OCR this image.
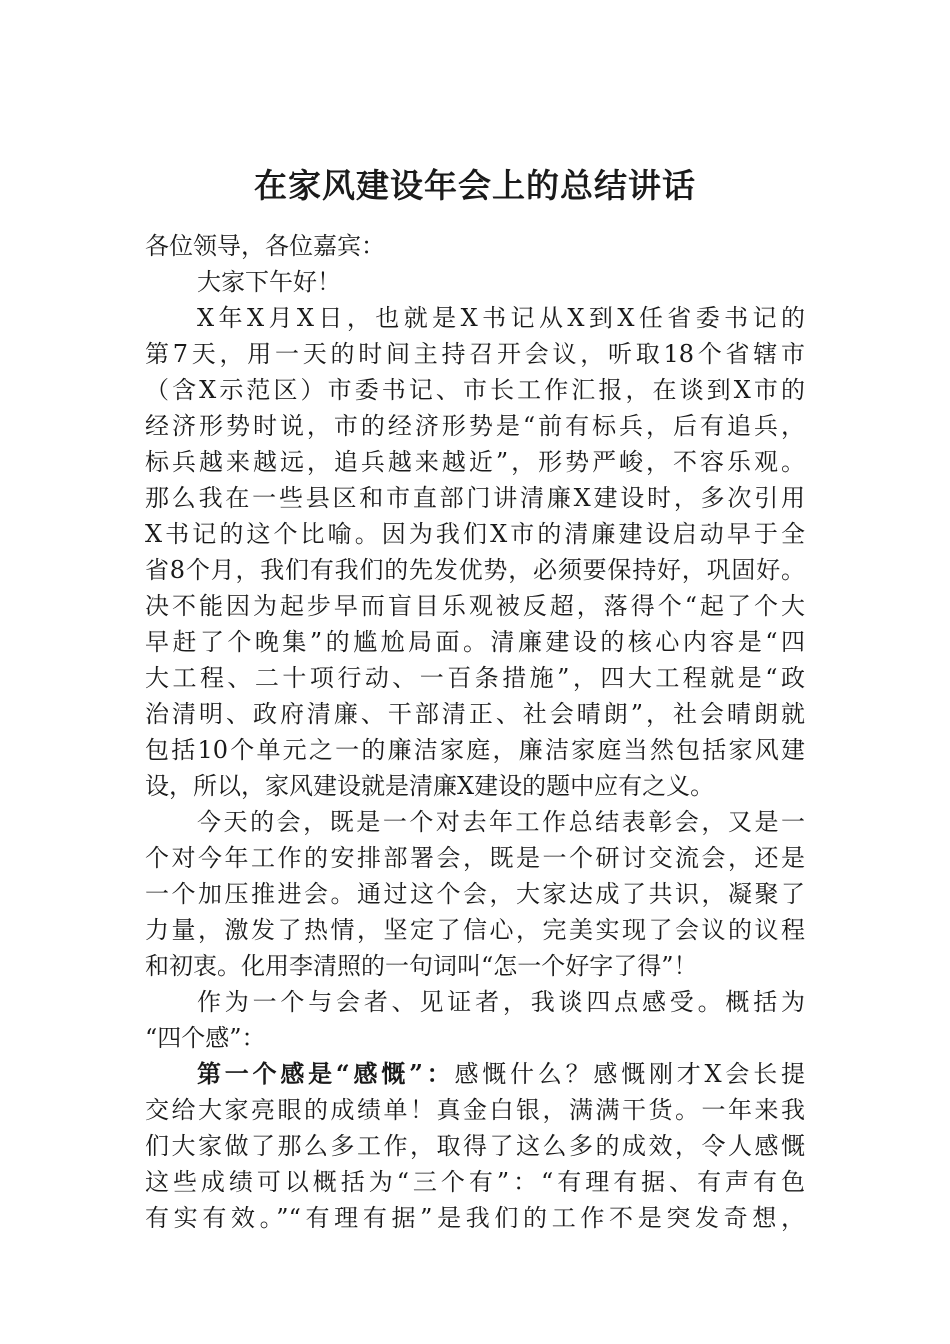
在家风建设年会上的总结讲话
各位领导，各位嘉宾：
大家下午好！
X年X月X日，也就是X书记从X到X任省委书记的
第7天，用一天的时间主持召开会议，听取18个省辖市
（含X示范区）市委书记、市长工作汇报，在谈到X市的
经济形势时说，市的经济形势是“前有标兵，后有追兵，
标兵越来越远，追兵越来越近”，形势严峻，不容乐观。
那么我在一些县区和市直部门讲清廉X建设时，多次引用
X书记的这个比喻。因为我们X市的清廉建设启动早于全
省8个月，我们有我们的先发优势，必须要保持好，巩固好。
决不能因为起步早而盲目乐观被反超，落得个“起了个大
早赶了个晚集”的尴尬局面。清廉建设的核心内容是“四
大工程、二十项行动、一百条措施”，四大工程就是“政
治清明、政府清廉、干部清正、社会晴朗”，社会晴朗就
包括10个单元之一的廉洁家庭，廉洁家庭当然包括家风建
设，所以，家风建设就是清廉X建设的题中应有之义。
今天的会，既是一个对去年工作总结表彰会，又是一
个对今年工作的安排部署会，既是一个研讨交流会，还是
一个加压推进会。通过这个会，大家达成了共识，凝聚了
力量，激发了热情，坚定了信心，完美实现了会议的议程
和初衷。化用李清照的一句词叫“怎一个好字了得”！
作为一个与会者、见证者，我谈四点感受。概括为
“四个感”：
第一个感是“感慨”：感慨什么？感慨刚才X会长提
交给大家亮眼的成绩单！真金白银，满满干货。一年来我
们大家做了那么多工作，取得了这么多的成效，令人感慨
这些成绩可以概括为“三个有”：“有理有据、有声有色
有实有效。”“有理有据”是我们的工作不是突发奇想，
